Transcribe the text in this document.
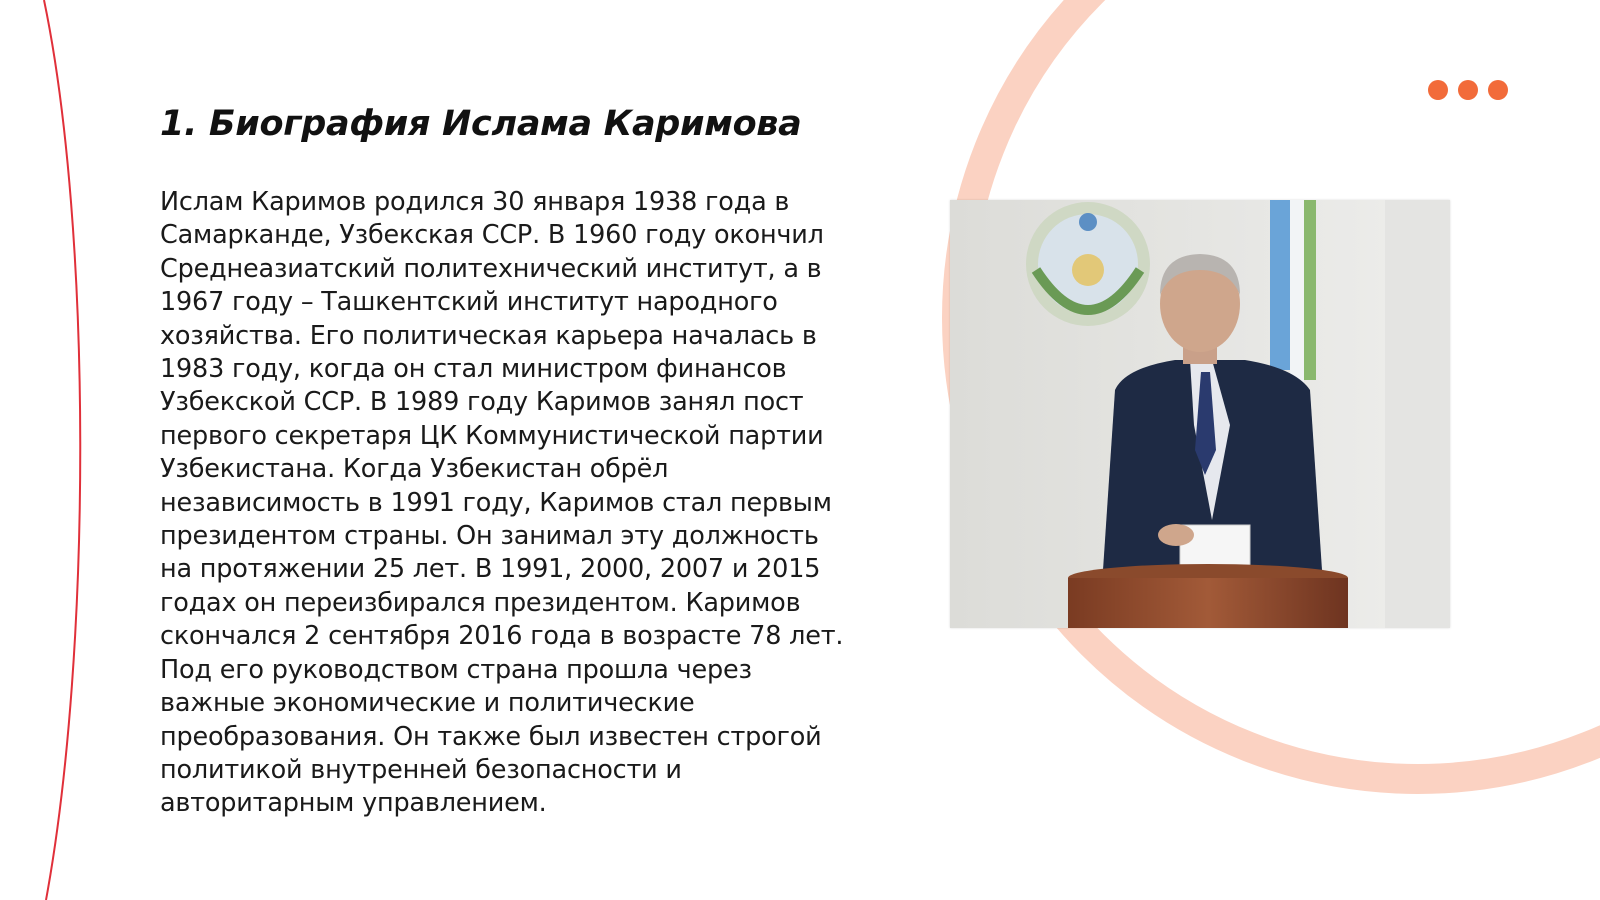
1. Биография Ислама Каримова

Ислам Каримов родился 30 января 1938 года в Самарканде, Узбекская ССР. В 1960 году окончил Среднеазиатский политехнический институт, а в 1967 году – Ташкентский институт народного хозяйства. Его политическая карьера началась в 1983 году, когда он стал министром финансов Узбекской ССР. В 1989 году Каримов занял пост первого секретаря ЦК Коммунистической партии Узбекистана. Когда Узбекистан обрёл независимость в 1991 году, Каримов стал первым президентом страны. Он занимал эту должность на протяжении 25 лет. В 1991, 2000, 2007 и 2015 годах он переизбирался президентом. Каримов скончался 2 сентября 2016 года в возрасте 78 лет. Под его руководством страна прошла через важные экономические и политические преобразования. Он также был известен строгой политикой внутренней безопасности и авторитарным управлением.
